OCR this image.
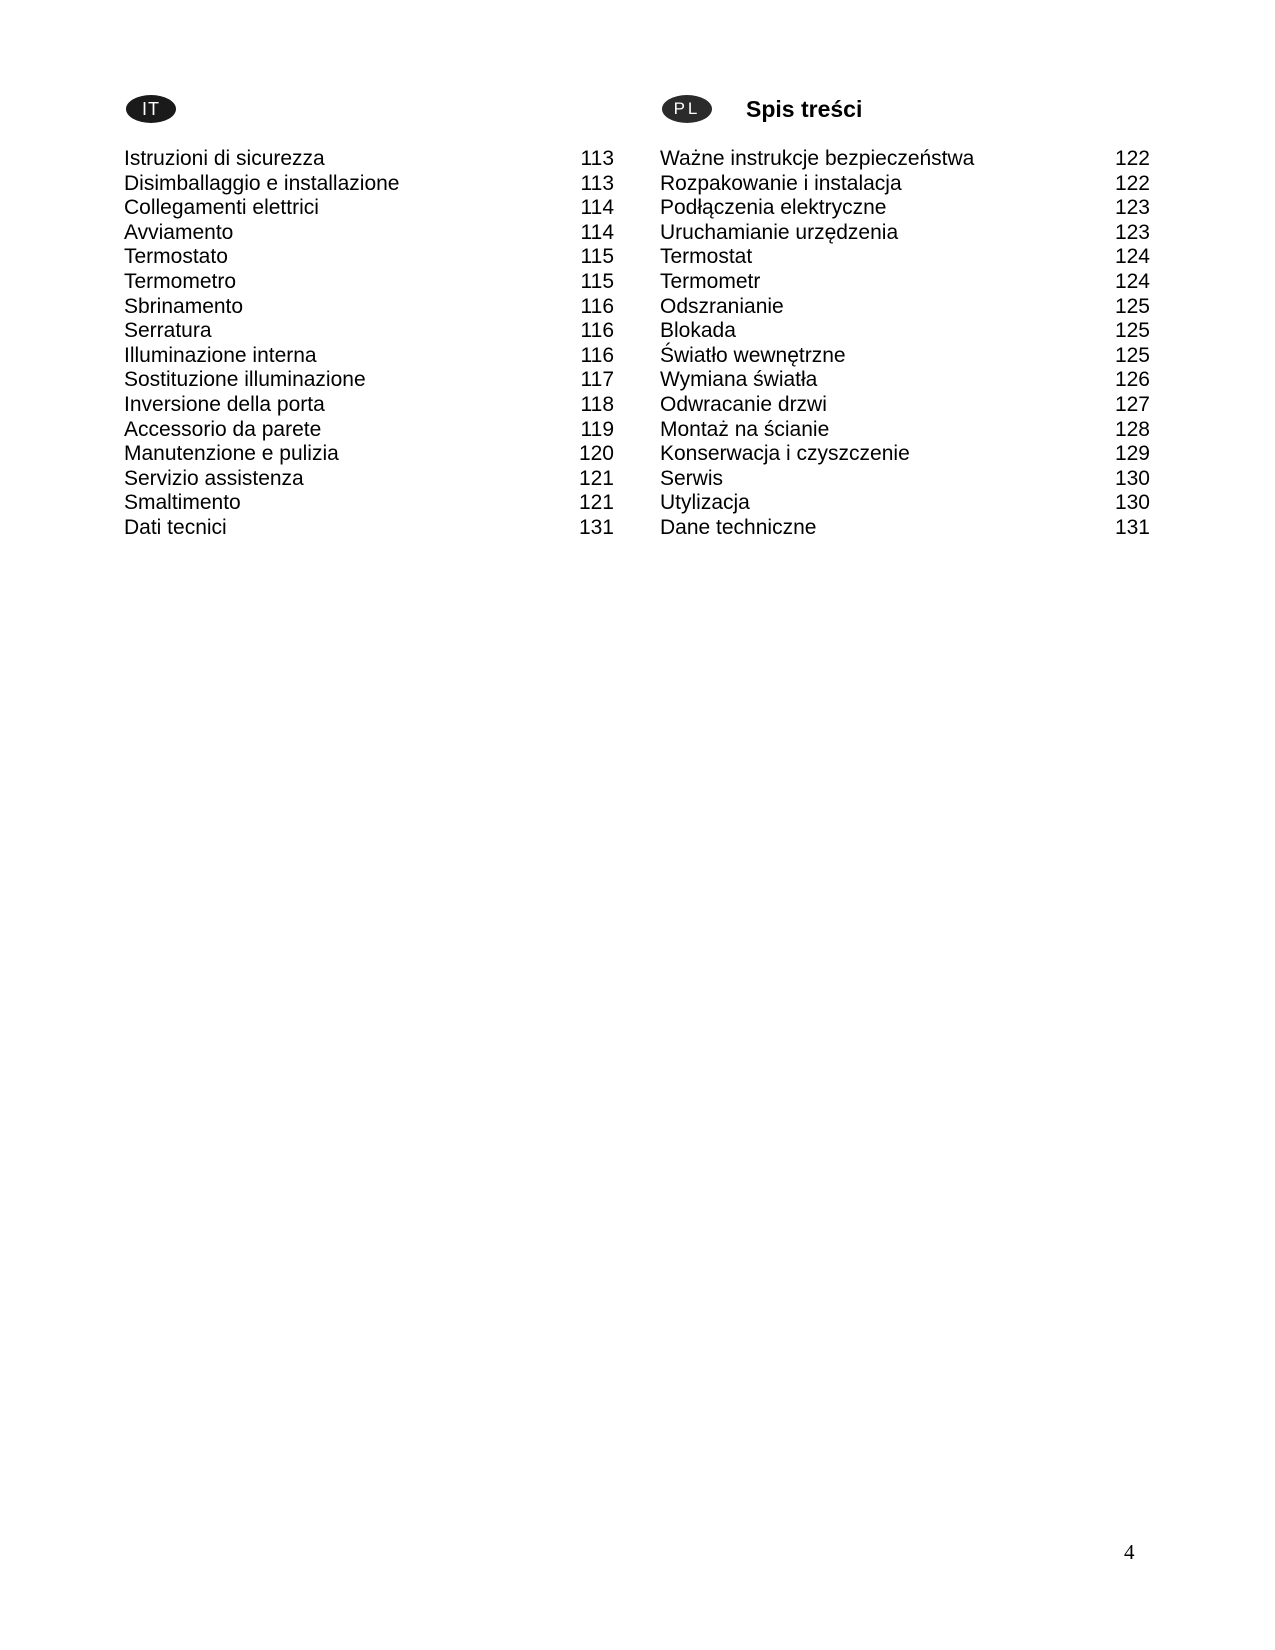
IT
Istruzioni di sicurezza	113
Disimballaggio e installazione	113
Collegamenti elettrici	114
Avviamento	114
Termostato	115
Termometro	115
Sbrinamento	116
Serratura	116
Illuminazione interna	116
Sostituzione illuminazione	117
Inversione della porta	118
Accessorio da parete	119
Manutenzione e pulizia	120
Servizio assistenza	121
Smaltimento	121
Dati tecnici	131
PL	Spis treści
Ważne instrukcje bezpieczeństwa	122
Rozpakowanie i instalacja	122
Podłączenia elektryczne	123
Uruchamianie urzędzenia	123
Termostat	124
Termometr	124
Odszranianie	125
Blokada	125
Światło wewnętrzne	125
Wymiana światła	126
Odwracanie drzwi	127
Montaż na ścianie	128
Konserwacja i czyszczenie	129
Serwis	130
Utylizacja	130
Dane techniczne	131
4
